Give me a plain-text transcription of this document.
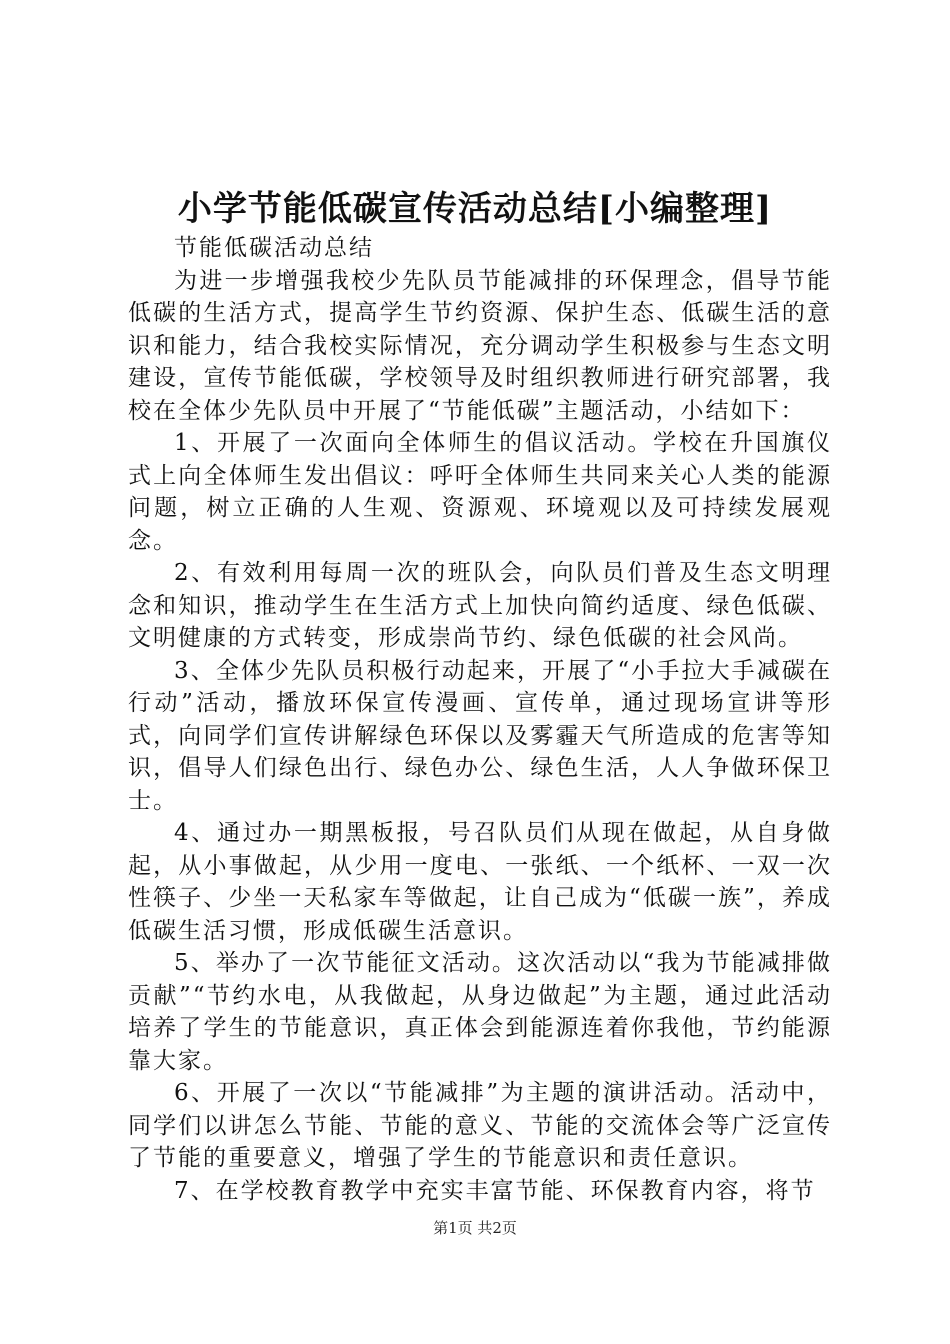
小学节能低碳宣传活动总结[小编整理]

节能低碳活动总结

为进一步增强我校少先队员节能减排的环保理念，倡导节能低碳的生活方式，提高学生节约资源、保护生态、低碳生活的意识和能力，结合我校实际情况，充分调动学生积极参与生态文明建设，宣传节能低碳，学校领导及时组织教师进行研究部署，我校在全体少先队员中开展了“节能低碳”主题活动，小结如下：

1、开展了一次面向全体师生的倡议活动。学校在升国旗仪式上向全体师生发出倡议：呼吁全体师生共同来关心人类的能源问题，树立正确的人生观、资源观、环境观以及可持续发展观念。

2、有效利用每周一次的班队会，向队员们普及生态文明理念和知识，推动学生在生活方式上加快向简约适度、绿色低碳、文明健康的方式转变，形成崇尚节约、绿色低碳的社会风尚。

3、全体少先队员积极行动起来，开展了“小手拉大手减碳在行动”活动，播放环保宣传漫画、宣传单，通过现场宣讲等形式，向同学们宣传讲解绿色环保以及雾霾天气所造成的危害等知识，倡导人们绿色出行、绿色办公、绿色生活，人人争做环保卫士。

4、通过办一期黑板报，号召队员们从现在做起，从自身做起，从小事做起，从少用一度电、一张纸、一个纸杯、一双一次性筷子、少坐一天私家车等做起，让自己成为“低碳一族”，养成低碳生活习惯，形成低碳生活意识。

5、举办了一次节能征文活动。这次活动以“我为节能减排做贡献”“节约水电，从我做起，从身边做起”为主题，通过此活动培养了学生的节能意识，真正体会到能源连着你我他，节约能源靠大家。

6、开展了一次以“节能减排”为主题的演讲活动。活动中，同学们以讲怎么节能、节能的意义、节能的交流体会等广泛宣传了节能的重要意义，增强了学生的节能意识和责任意识。

7、在学校教育教学中充实丰富节能、环保教育内容，将节

第1页 共2页
